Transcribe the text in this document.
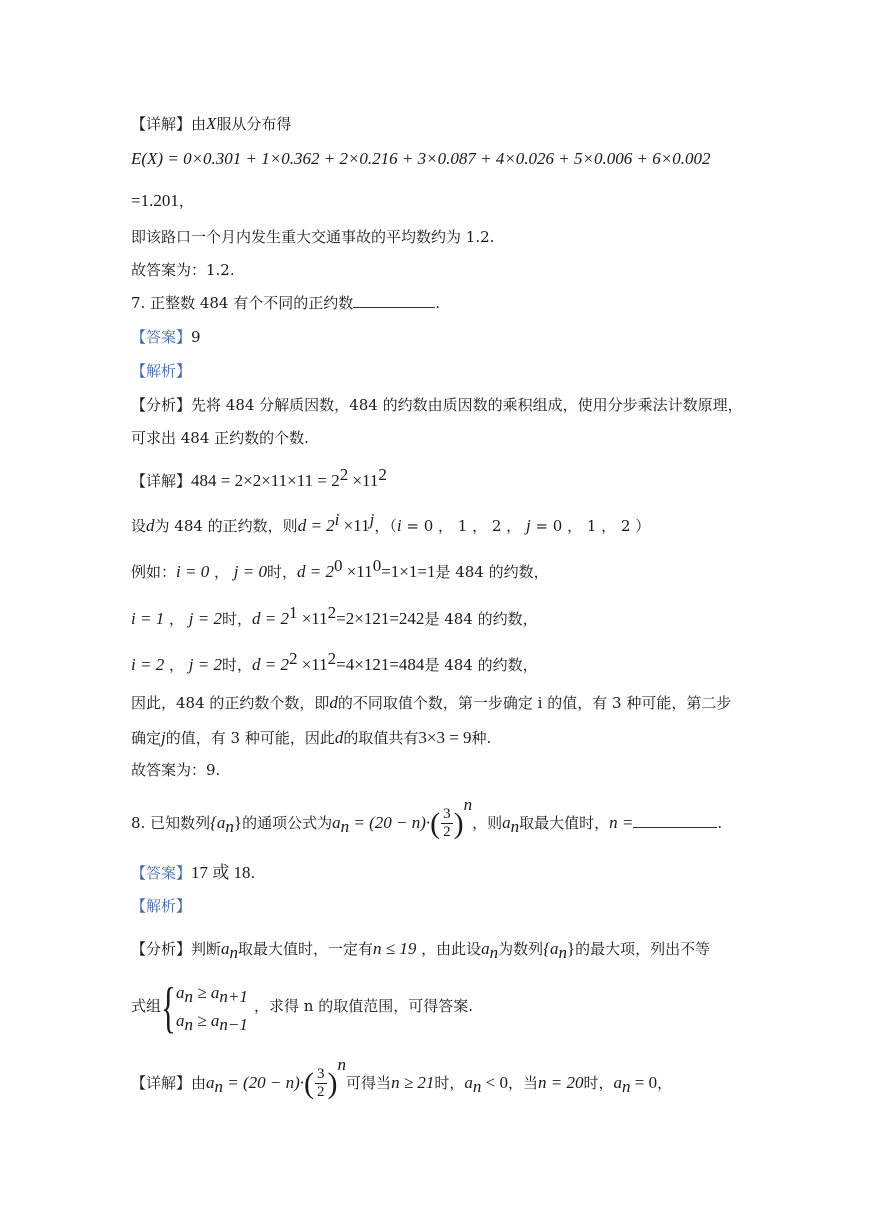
【详解】由X服从分布得
E(X) = 0×0.301 + 1×0.362 + 2×0.216 + 3×0.087 + 4×0.026 + 5×0.006 + 6×0.002
=1.201，
即该路口一个月内发生重大交通事故的平均数约为 1.2.
故答案为：1.2.
7. 正整数 484 有个不同的正约数	.
【答案】9
【解析】
【分析】先将 484 分解质因数，484 的约数由质因数的乘积组成，使用分步乘法计数原理，
可求出 484 正约数的个数.
【详解】$484 = 2\times 2\times 11\times 11 = 2^2 \times 11^2$
设d为 484 的正约数，则$d = 2^i \times 11^j$，（i = 0 ， 1 ， 2 ， j = 0 ， 1 ， 2 ）
例如：i = 0 ， j = 0时，$d = 2^0 \times 11^0=1\times 1=1$是 484 的约数，
i = 1 ， j = 2时，$d = 2^1 \times 11^2=2\times 121=242$是 484 的约数，
i = 2 ， j = 2时，$d = 2^2 \times 11^2=4\times 121=484$是 484 的约数，
因此，484 的正约数个数，即d的不同取值个数，第一步确定 i 的值，有 3 种可能，第二步
确定j的值，有 3 种可能，因此d的取值共有3×3 = 9种.
故答案为：9.
8. 已知数列$\{a_n\}$的通项公式为$a_n = (20 - n)\cdot( \frac{3}{2} )^n$，则$a_n$取最大值时，n =	.
【答案】17 或 18.
【解析】
【分析】判断$a_n$取最大值时，一定有n ≤ 19 ，由此设$a_n$为数列$\{a_n\}$的最大项，列出不等
式组 { $a_n \ge a_{n+1}$
$a_n \ge a_{n-1}$
，求得 n 的取值范围，可得答案.
【详解】由$a_n = (20 - n)\cdot( \frac{3}{2} )^n$可得当n ≥ 21时，$a_n < 0$，当n = 20时，$a_n = 0$，
